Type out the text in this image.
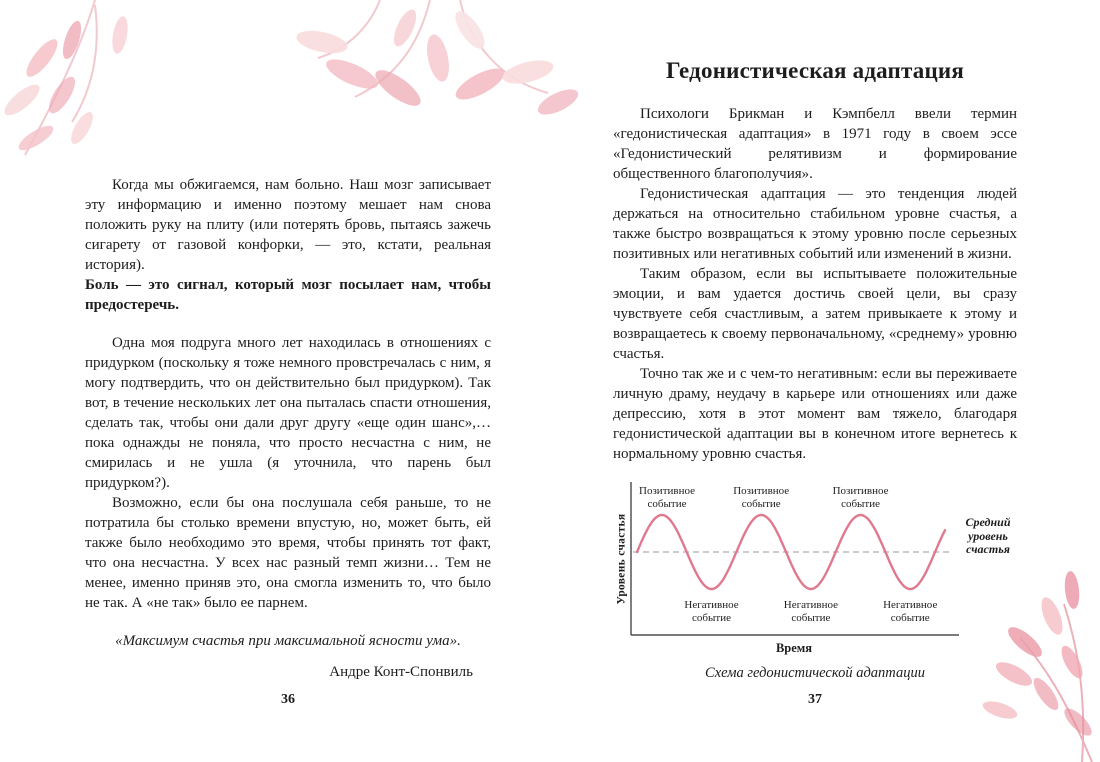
Когда мы обжигаемся, нам больно. Наш мозг записывает эту информацию и именно поэтому мешает нам снова положить руку на плиту (или потерять бровь, пытаясь зажечь сигарету от газовой конфорки, — это, кстати, реальная история).

Боль — это сигнал, который мозг посылает нам, чтобы предостеречь.

Одна моя подруга много лет находилась в отношениях с придурком (поскольку я тоже немного провстречалась с ним, я могу подтвердить, что он действительно был придурком). Так вот, в течение нескольких лет она пыталась спасти отношения, сделать так, чтобы они дали друг другу «еще один шанс»,… пока однажды не поняла, что просто несчастна с ним, не смирилась и не ушла (я уточнила, что парень был придурком?).

Возможно, если бы она послушала себя раньше, то не потратила бы столько времени впустую, но, может быть, ей также было необходимо это время, чтобы принять тот факт, что она несчастна. У всех нас разный темп жизни… Тем не менее, именно приняв это, она смогла изменить то, что было не так. А «не так» было ее парнем.

«Максимум счастья при максимальной ясности ума».

Андре Конт-Спонвиль

Гедонистическая адаптация

Психологи Брикман и Кэмпбелл ввели термин «гедонистическая адаптация» в 1971 году в своем эссе «Гедонистический релятивизм и формирование общественного благополучия».

Гедонистическая адаптация — это тенденция людей держаться на относительно стабильном уровне счастья, а также быстро возвращаться к этому уровню после серьезных позитивных или негативных событий или изменений в жизни.

Таким образом, если вы испытываете положительные эмоции, и вам удается достичь своей цели, вы сразу чувствуете себя счастливым, а затем привыкаете к этому и возвращаетесь к своему первоначальному, «среднему» уровню счастья.

Точно так же и с чем-то негативным: если вы переживаете личную драму, неудачу в карьере или отношениях или даже депрессию, хотя в этот момент вам тяжело, благодаря гедонистической адаптации вы в конечном итоге вернетесь к нормальному уровню счастья.

Уровень счастья
Позитивное событие
Позитивное событие
Позитивное событие
Негативное событие
Негативное событие
Негативное событие
Средний уровень счастья
Время
Схема гедонистической адаптации
36	37
